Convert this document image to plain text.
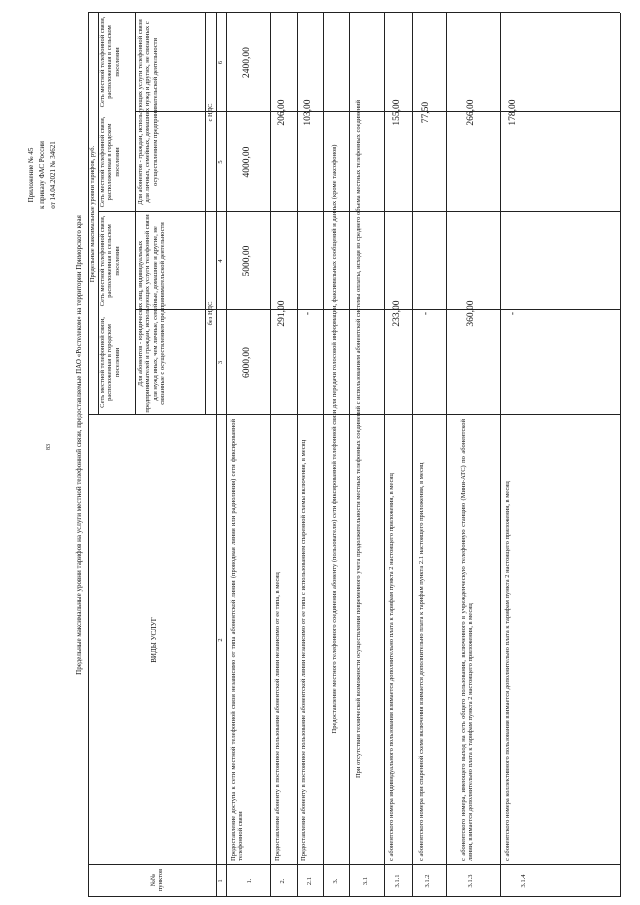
83
Приложение № 45 к приказу ФАС России от 14.04.2021 № 34621
Предельные максимальные уровни тарифов на услуги местной телефонной связи, предоставляемые ПАО «Ростелеком» на территории Приморского края
№№ пунктов
ВИДЫ УСЛУГ
Предельные максимальные уровни тарифов, руб.
Сеть местной телефонной связи, расположенная в городском поселении
Сеть местной телефонной связи, расположенная в сельском поселении
Сеть местной телефонной связи, расположенная в городском поселении
Сеть местной телефонной связи, расположенная в сельском поселении
Для абонентов - юридических лиц, индивидуальных предпринимателей и граждан, использующих услуги телефонной связи для нужд иных, чем личные, семейные, домашние и другие, не связанные с осуществлением предпринимательской деятельности
Для абонентов - граждан, использующих услуги телефонной связи для личных, семейных, домашних нужд и других, не связанных с осуществлением предпринимательской деятельности
без НДС
с НДС
1
2
3
4
5
6
1.
Предоставление доступа к сети местной телефонной связи независимо от типа абонентской линии (проводная линия или радиолиния) сети фиксированной телефонной связи
6000,00
5000,00
4000,00
2400,00
2.
Предоставление абоненту в постоянное пользование абонентской линии независимо от ее типа, в месяц
291,00
206,00
2.1
Предоставление абоненту в постоянное пользование абонентской линии независимо от ее типа с использованием спаренной схемы включения, в месяц
-
103,00
3.
Предоставление местного телефонного соединения абоненту (пользователю) сети фиксированной телефонной связи для передачи голосовой информации, факсимильных сообщений и данных (кроме таксофонов)
3.1
При отсутствии технической возможности осуществления повременного учета продолжительности местных телефонных соединений с использованием абонентской системы оплаты, исходя из среднего объема местных телефонных соединений
3.1.1
с абонентского номера индивидуального пользования взимается дополнительно плата к тарифам пункта 2 настоящего приложения, в месяц
233,00
155,00
3.1.2
с абонентского номера при спаренной схеме включения взимается дополнительно плата к тарифам пункта 2.1 настоящего приложения, в месяц
-
77,50
3.1.3
с абонентского номера, имеющего выход на сеть общего пользования, включенного в учрежденческую телефонную станцию (Мини-АТС) по абонентской линии, взимается дополнительно плата к тарифам пункта 2 настоящего приложения, в месяц
360,00
266,00
3.1.4
с абонентского номера коллективного пользования взимается дополнительно плата к тарифам пункта 2 настоящего приложения, в месяц
-
178,00
